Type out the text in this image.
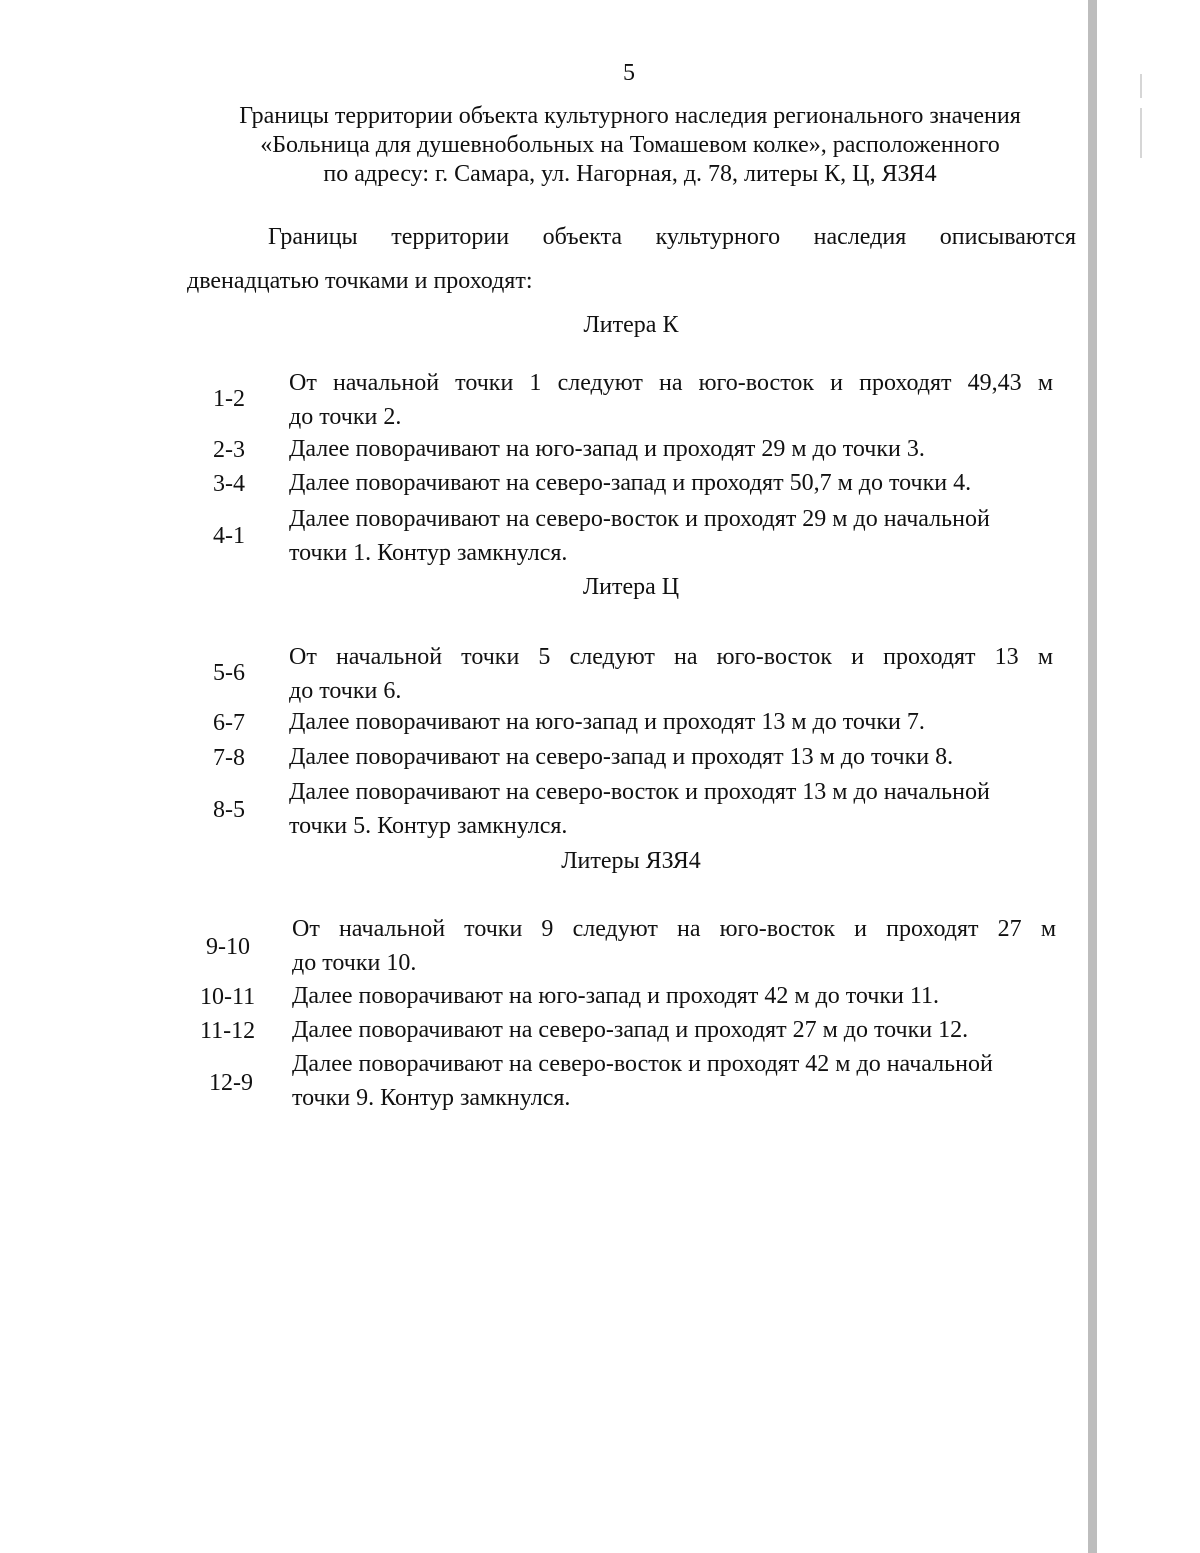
5
Границы территории объекта культурного наследия регионального значения
«Больница для душевнобольных на Томашевом колке», расположенного
по адресу: г. Самара, ул. Нагорная, д. 78, литеры К, Ц, ЯЗЯ4
Границы территории объекта культурного наследия описываются
двенадцатью точками и проходят:
Литера К
1-2
От начальной точки 1 следуют на юго-восток и проходят 49,43 м
до точки 2.
2-3 Далее поворачивают на юго-запад и проходят 29 м до точки 3.
3-4 Далее поворачивают на северо-запад и проходят 50,7 м до точки 4.
4-1
Далее поворачивают на северо-восток и проходят 29 м до начальной
точки 1. Контур замкнулся.
Литера Ц
5-6
От начальной точки 5 следуют на юго-восток и проходят 13 м
до точки 6.
6-7 Далее поворачивают на юго-запад и проходят 13 м до точки 7.
7-8 Далее поворачивают на северо-запад и проходят 13 м до точки 8.
8-5
Далее поворачивают на северо-восток и проходят 13 м до начальной
точки 5. Контур замкнулся.
Литеры ЯЗЯ4
9-10
От начальной точки 9 следуют на юго-восток и проходят 27 м
до точки 10.
10-11 Далее поворачивают на юго-запад и проходят 42 м до точки 11.
11-12 Далее поворачивают на северо-запад и проходят 27 м до точки 12.
12-9
Далее поворачивают на северо-восток и проходят 42 м до начальной
точки 9. Контур замкнулся.
